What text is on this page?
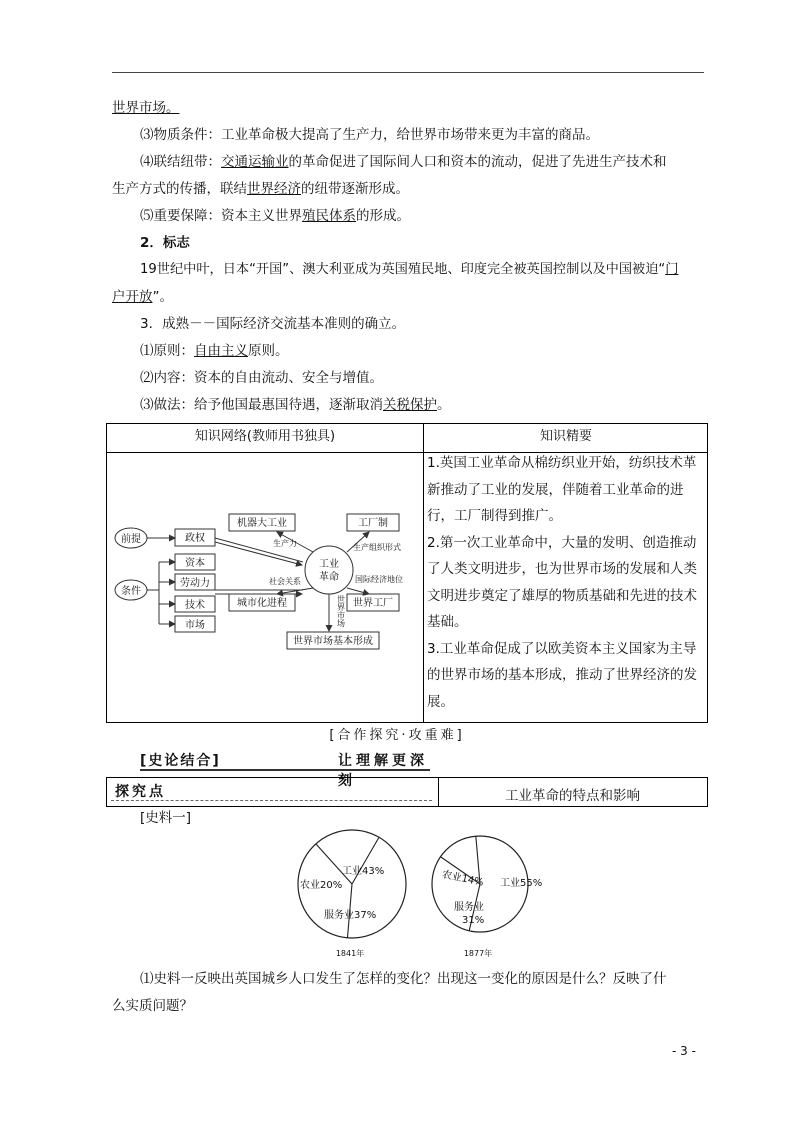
世界市场。
⑶物质条件：工业革命极大提高了生产力，给世界市场带来更为丰富的商品。
⑷联结纽带：交通运输业的革命促进了国际间人口和资本的流动，促进了先进生产技术和
生产方式的传播，联结世界经济的纽带逐渐形成。
⑸重要保障：资本主义世界殖民体系的形成。
2．标志
19世纪中叶，日本“开国”、澳大利亚成为英国殖民地、印度完全被英国控制以及中国被迫“门
户开放”。
3．成熟－－国际经济交流基本准则的确立。
⑴原则：自由主义原则。
⑵内容：资本的自由流动、安全与增值。
⑶做法：给予他国最惠国待遇，逐渐取消关税保护。
知识网络(教师用书独具)	知识精要
前提
条件
政权
资本
劳动力
技术
市场
工业
革命
机器大工业	工厂制
城市化进程	世界工厂
世界市场基本形成
生产力	生产组织形式
社会关系	国际经济地位
世
界
市
场

1.英国工业革命从棉纺织业开始，纺织技术革新推动了工业的发展，伴随着工业革命的进行，工厂制得到推广。

2.第一次工业革命中，大量的发明、创造推动了人类文明进步，也为世界市场的发展和人类文明进步奠定了雄厚的物质基础和先进的技术基础。

3.工业革命促成了以欧美资本主义国家为主导的世界市场的基本形成，推动了世界经济的发展。

[合作探究·攻重难]
[史论结合]	让理解更深刻
探究点	工业革命的特点和影响
[史料一]
工业43%
农业20%
服务业37%
工业55%
农业14%
服务业
31%
1841年	1877年
⑴史料一反映出英国城乡人口发生了怎样的变化？出现这一变化的原因是什么？反映了什
么实质问题？
- 3 -
